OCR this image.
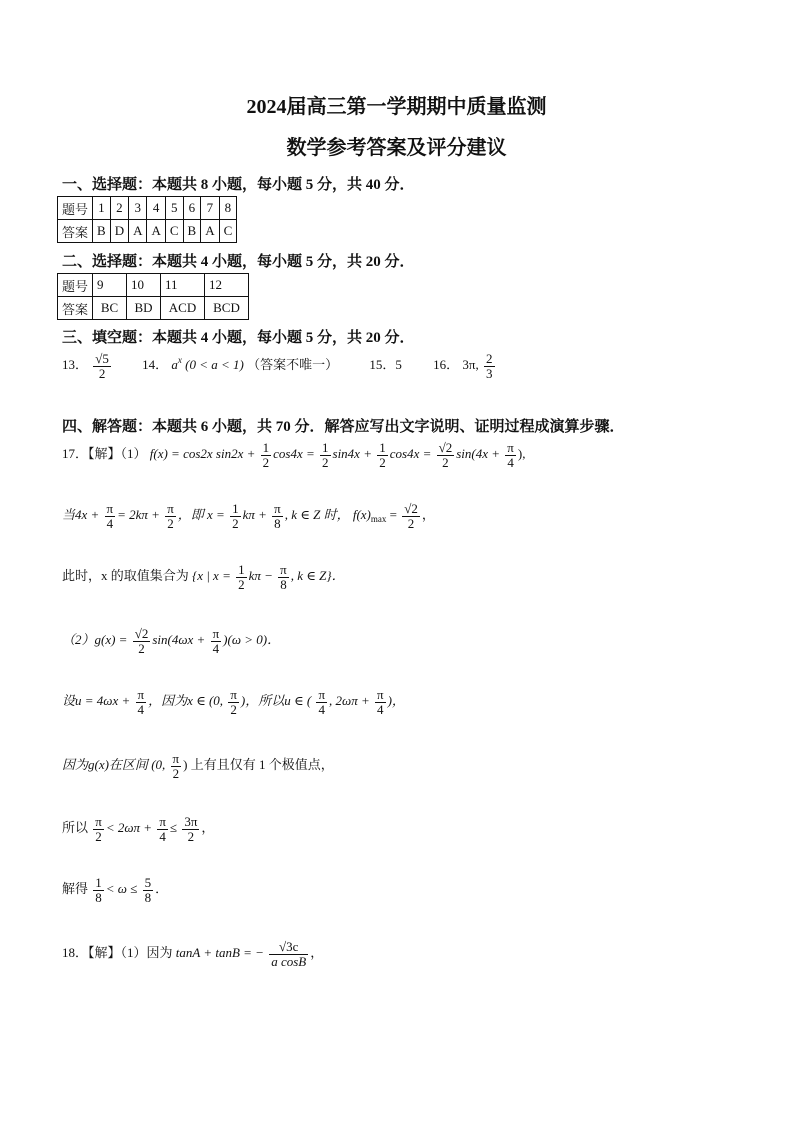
2024届高三第一学期期中质量监测
数学参考答案及评分建议
一、选择题：本题共 8 小题，每小题 5 分，共 40 分．
题号	1	2	3	4	5	6	7	8
答案	B	D	A	A	C	B	A	C
二、选择题：本题共 4 小题，每小题 5 分，共 20 分．
题号	9	10	11	12
答案	BC	BD	ACD	BCD
三、填空题：本题共 4 小题，每小题 5 分，共 20 分．
13． $\frac{√5}{2} 14$． $a^x$ (0 < a < 1) （答案不唯一） 15．5 16． 3π, $\frac{2}{3}$
四、解答题：本题共 6 小题，共 70 分．解答应写出文字说明、证明过程成演算步骤．
17．【解】（1） f(x) = cos2x $\sin 2x + \frac{1}{2} \cos 4x = \frac{1}{2} \sin 4x + \frac{1}{2} \cos 4x = \frac{√2}{2} \sin(4x + \frac{\pi}{4}$ ),
当$4x + \frac{\pi}{4} = 2k\pi + \frac{\pi}{2}$ ，即 $x = \frac{1}{2}$ $k\pi + \frac{\pi}{8}$ , k ∈ Z 时， $f(x)_{max} = \frac{√2}{2}$ ，
此时，x 的取值集合为 {x | $x = \frac{1}{2}$ $k\pi - \frac{\pi}{8}$ , k ∈ Z}．
$(2)g(x) = \frac{√2}{2} \sin(4\omega x + \frac{\pi}{4} )(\omega > 0)$．
设$u = 4\omega x + \frac{\pi}{4}$ ，因为x ∈ (0, $\frac{\pi}{2}$ )，所以u ∈ ( $\frac{\pi}{4}$ , $2\omega\pi + \frac{\pi}{4}$ )，
因为g(x)在区间 (0, $\frac{\pi}{2}$ ) 上有且仅有 1 个极值点，
所以 $\frac{\pi}{2} < 2\omega\pi + \frac{\pi}{4} \le \frac{3\pi}{2}$ ，
解得 $\frac{1}{8} < \omega \le \frac{5}{8}$ ．
18．【解】（1）因为 tanA + tanB = − $\frac{√3c}{\text{a cosB}}$ ，
